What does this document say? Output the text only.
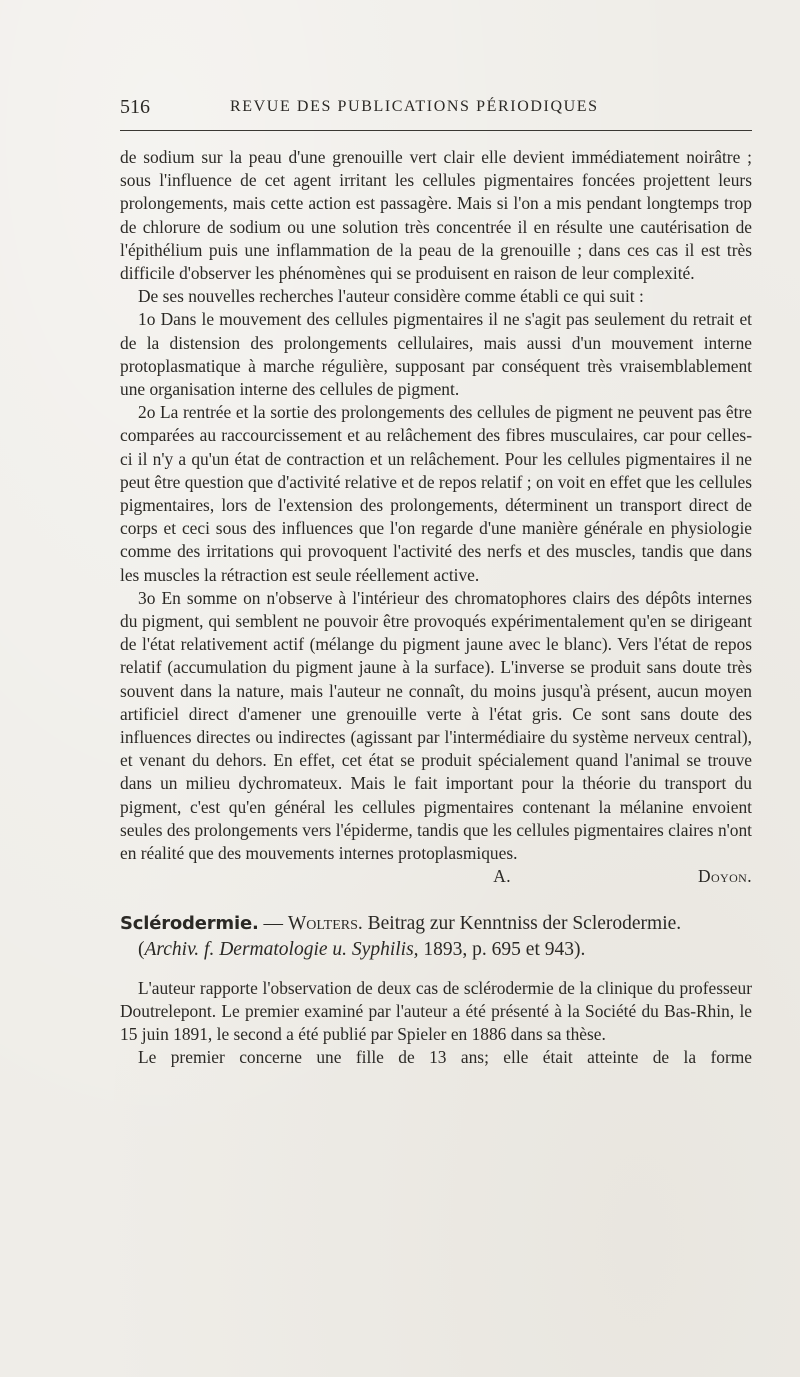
516	REVUE DES PUBLICATIONS PÉRIODIQUES

de sodium sur la peau d'une grenouille vert clair elle devient immédiatement noirâtre ; sous l'influence de cet agent irritant les cellules pigmentaires foncées projettent leurs prolongements, mais cette action est passagère. Mais si l'on a mis pendant longtemps trop de chlorure de sodium ou une solution très concentrée il en résulte une cautérisation de l'épithélium puis une inflammation de la peau de la grenouille ; dans ces cas il est très difficile d'observer les phénomènes qui se produisent en raison de leur complexité.

De ses nouvelles recherches l'auteur considère comme établi ce qui suit :

1o Dans le mouvement des cellules pigmentaires il ne s'agit pas seulement du retrait et de la distension des prolongements cellulaires, mais aussi d'un mouvement interne protoplasmatique à marche régulière, supposant par conséquent très vraisemblablement une organisation interne des cellules de pigment.

2o La rentrée et la sortie des prolongements des cellules de pigment ne peuvent pas être comparées au raccourcissement et au relâchement des fibres musculaires, car pour celles-ci il n'y a qu'un état de contraction et un relâchement. Pour les cellules pigmentaires il ne peut être question que d'activité relative et de repos relatif ; on voit en effet que les cellules pigmentaires, lors de l'extension des prolongements, déterminent un transport direct de corps et ceci sous des influences que l'on regarde d'une manière générale en physiologie comme des irritations qui provoquent l'activité des nerfs et des muscles, tandis que dans les muscles la rétraction est seule réellement active.

3o En somme on n'observe à l'intérieur des chromatophores clairs des dépôts internes du pigment, qui semblent ne pouvoir être provoqués expérimentalement qu'en se dirigeant de l'état relativement actif (mélange du pigment jaune avec le blanc). Vers l'état de repos relatif (accumulation du pigment jaune à la surface). L'inverse se produit sans doute très souvent dans la nature, mais l'auteur ne connaît, du moins jusqu'à présent, aucun moyen artificiel direct d'amener une grenouille verte à l'état gris. Ce sont sans doute des influences directes ou indirectes (agissant par l'intermédiaire du système nerveux central), et venant du dehors. En effet, cet état se produit spécialement quand l'animal se trouve dans un milieu dychromateux. Mais le fait important pour la théorie du transport du pigment, c'est qu'en général les cellules pigmentaires contenant la mélanine envoient seules des prolongements vers l'épiderme, tandis que les cellules pigmentaires claires n'ont en réalité que des mouvements internes protoplasmiques.

A. Doyon.

Sclérodermie. — Wolters. Beitrag zur Kenntniss der Sclerodermie.

(Archiv. f. Dermatologie u. Syphilis, 1893, p. 695 et 943).

L'auteur rapporte l'observation de deux cas de sclérodermie de la clinique du professeur Doutrelepont. Le premier examiné par l'auteur a été présenté à la Société du Bas-Rhin, le 15 juin 1891, le second a été publié par Spieler en 1886 dans sa thèse.

Le premier concerne une fille de 13 ans; elle était atteinte de la forme
